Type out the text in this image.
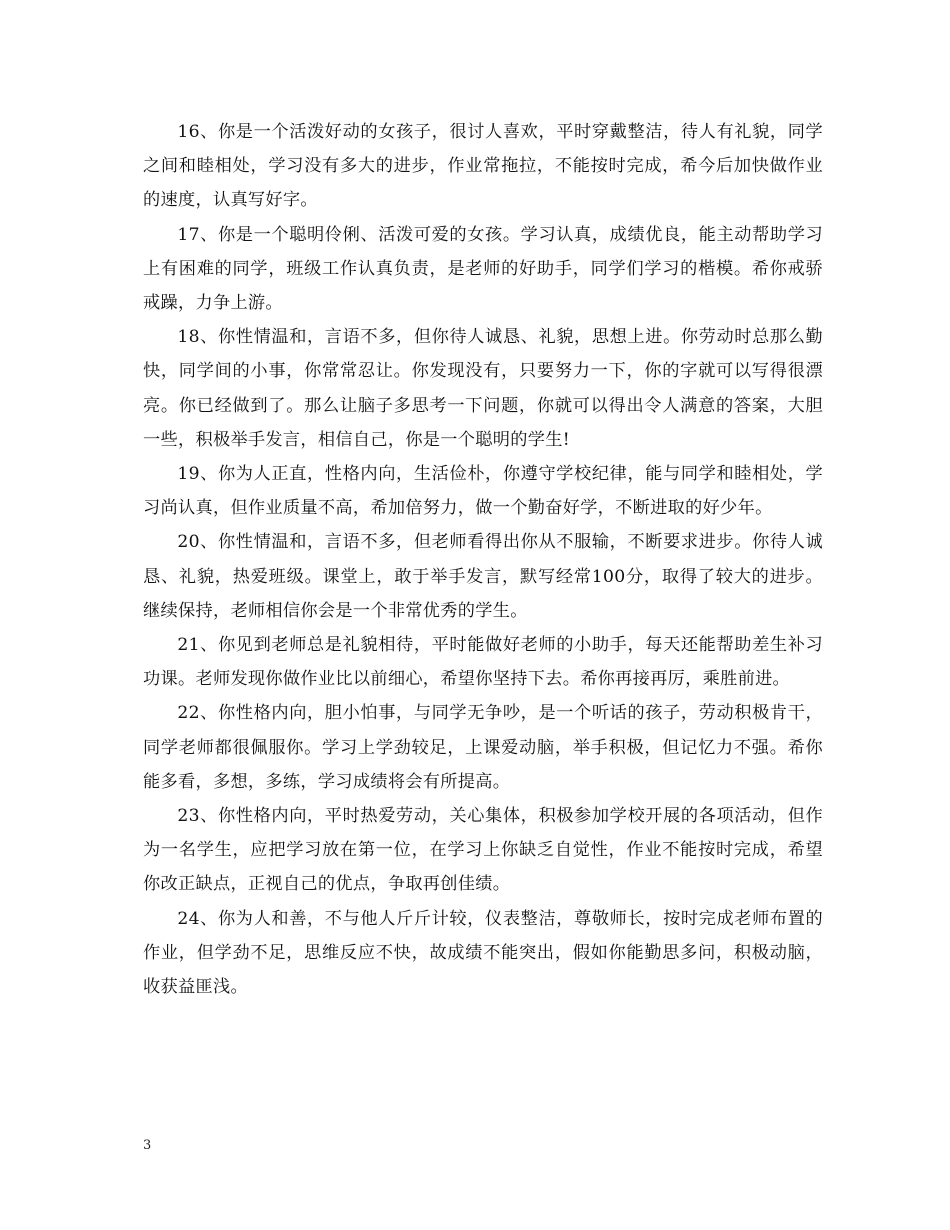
16、你是一个活泼好动的女孩子，很讨人喜欢，平时穿戴整洁，待人有礼貌，同学之间和睦相处，学习没有多大的进步，作业常拖拉，不能按时完成，希今后加快做作业的速度，认真写好字。

17、你是一个聪明伶俐、活泼可爱的女孩。学习认真，成绩优良，能主动帮助学习上有困难的同学，班级工作认真负责，是老师的好助手，同学们学习的楷模。希你戒骄戒躁，力争上游。

18、你性情温和，言语不多，但你待人诚恳、礼貌，思想上进。你劳动时总那么勤快，同学间的小事，你常常忍让。你发现没有，只要努力一下，你的字就可以写得很漂亮。你已经做到了。那么让脑子多思考一下问题，你就可以得出令人满意的答案，大胆一些，积极举手发言，相信自己，你是一个聪明的学生!

19、你为人正直，性格内向，生活俭朴，你遵守学校纪律，能与同学和睦相处，学习尚认真，但作业质量不高，希加倍努力，做一个勤奋好学，不断进取的好少年。

20、你性情温和，言语不多，但老师看得出你从不服输，不断要求进步。你待人诚恳、礼貌，热爱班级。课堂上，敢于举手发言，默写经常100分，取得了较大的进步。继续保持，老师相信你会是一个非常优秀的学生。

21、你见到老师总是礼貌相待，平时能做好老师的小助手，每天还能帮助差生补习功课。老师发现你做作业比以前细心，希望你坚持下去。希你再接再厉，乘胜前进。

22、你性格内向，胆小怕事，与同学无争吵，是一个听话的孩子，劳动积极肯干，同学老师都很佩服你。学习上学劲较足，上课爱动脑，举手积极，但记忆力不强。希你能多看，多想，多练，学习成绩将会有所提高。

23、你性格内向，平时热爱劳动，关心集体，积极参加学校开展的各项活动，但作为一名学生，应把学习放在第一位，在学习上你缺乏自觉性，作业不能按时完成，希望你改正缺点，正视自己的优点，争取再创佳绩。

24、你为人和善，不与他人斤斤计较，仪表整洁，尊敬师长，按时完成老师布置的作业，但学劲不足，思维反应不快，故成绩不能突出，假如你能勤思多问，积极动脑，收获益匪浅。

3
